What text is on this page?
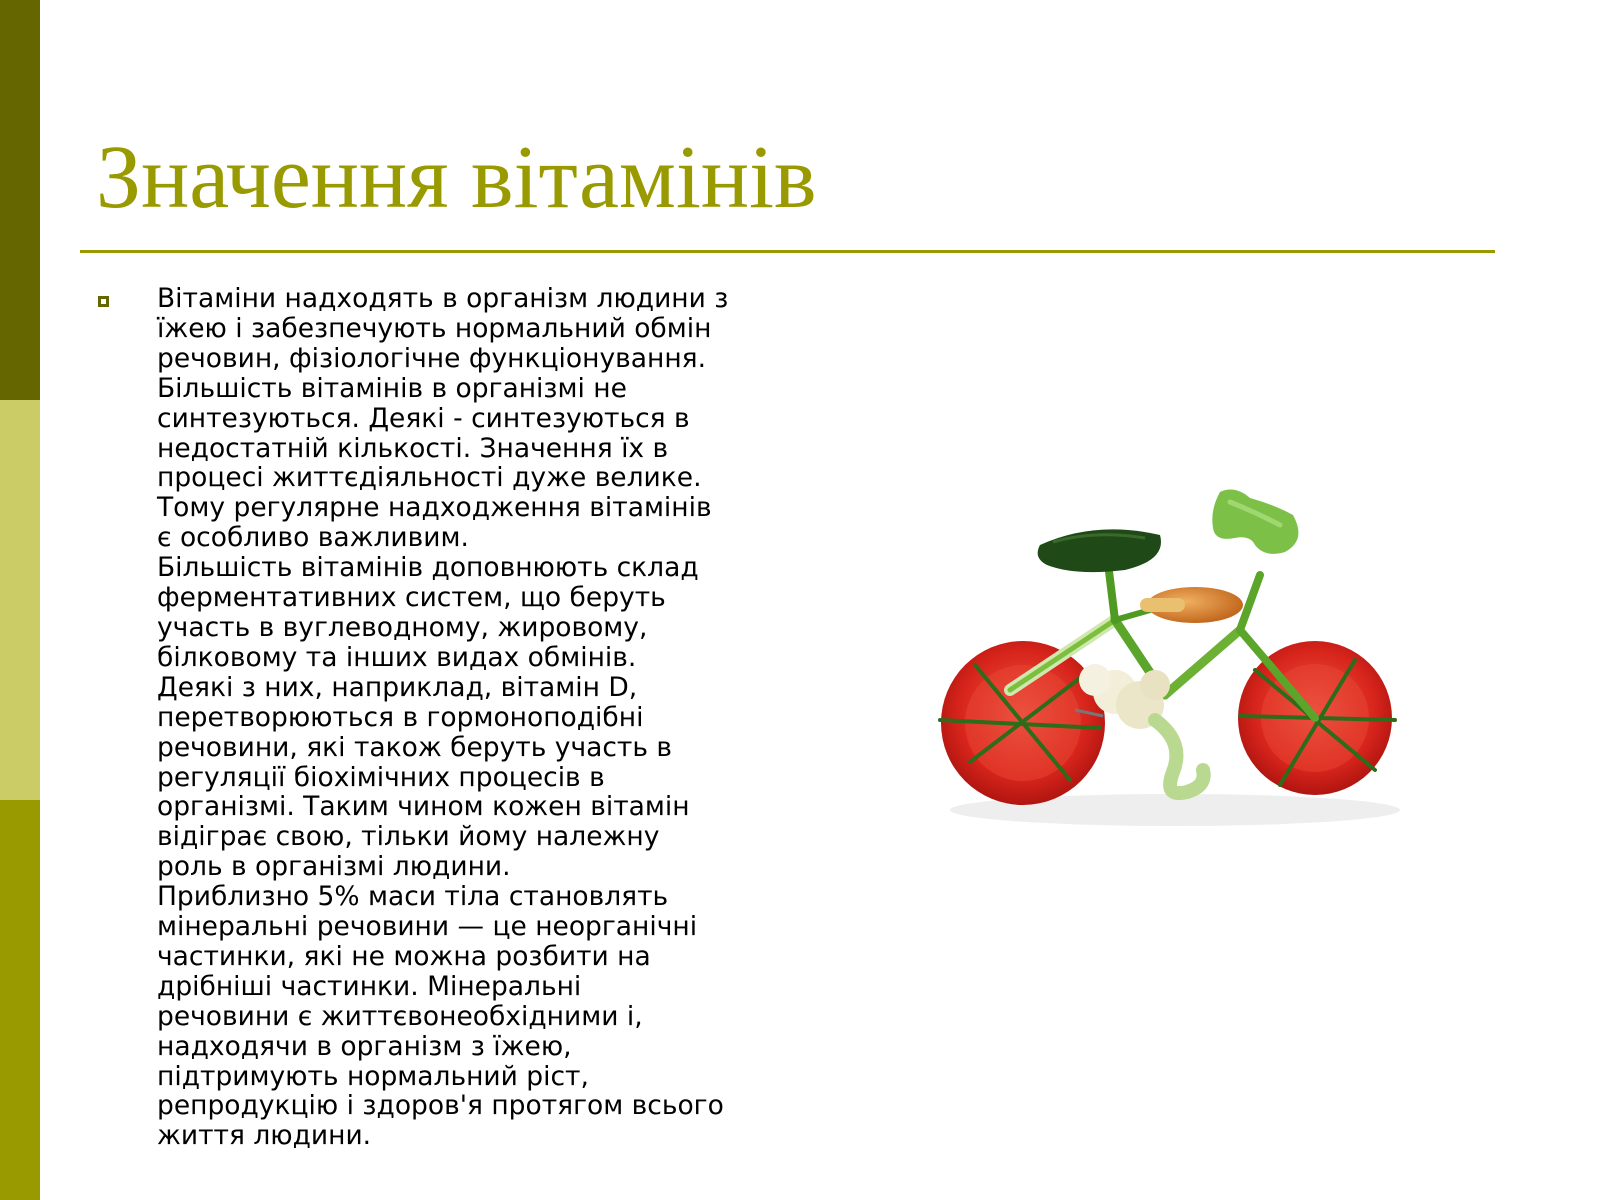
Значення вітамінів
Вітаміни надходять в організм людини з
їжею і забезпечують нормальний обмін
речовин, фізіологічне функціонування.
Більшість вітамінів в організмі не
синтезуються. Деякі - синтезуються в
недостатній кількості. Значення їх в
процесі життєдіяльності дуже велике.
Тому регулярне надходження вітамінів
є особливо важливим.
Більшість вітамінів доповнюють склад
ферментативних систем, що беруть
участь в вуглеводному, жировому,
білковому та інших видах обмінів.
Деякі з них, наприклад, вітамін D,
перетворюються в гормоноподібні
речовини, які також беруть участь в
регуляції біохімічних процесів в
організмі. Таким чином кожен вітамін
відіграє свою, тільки йому належну
роль в організмі людини.
Приблизно 5% маси тіла становлять
мінеральні речовини — це неорганічні
частинки, які не можна розбити на
дрібніші частинки. Мінеральні
речовини є життєвонеобхідними і,
надходячи в організм з їжею,
підтримують нормальний ріст,
репродукцію і здоров'я протягом всього
життя людини.
